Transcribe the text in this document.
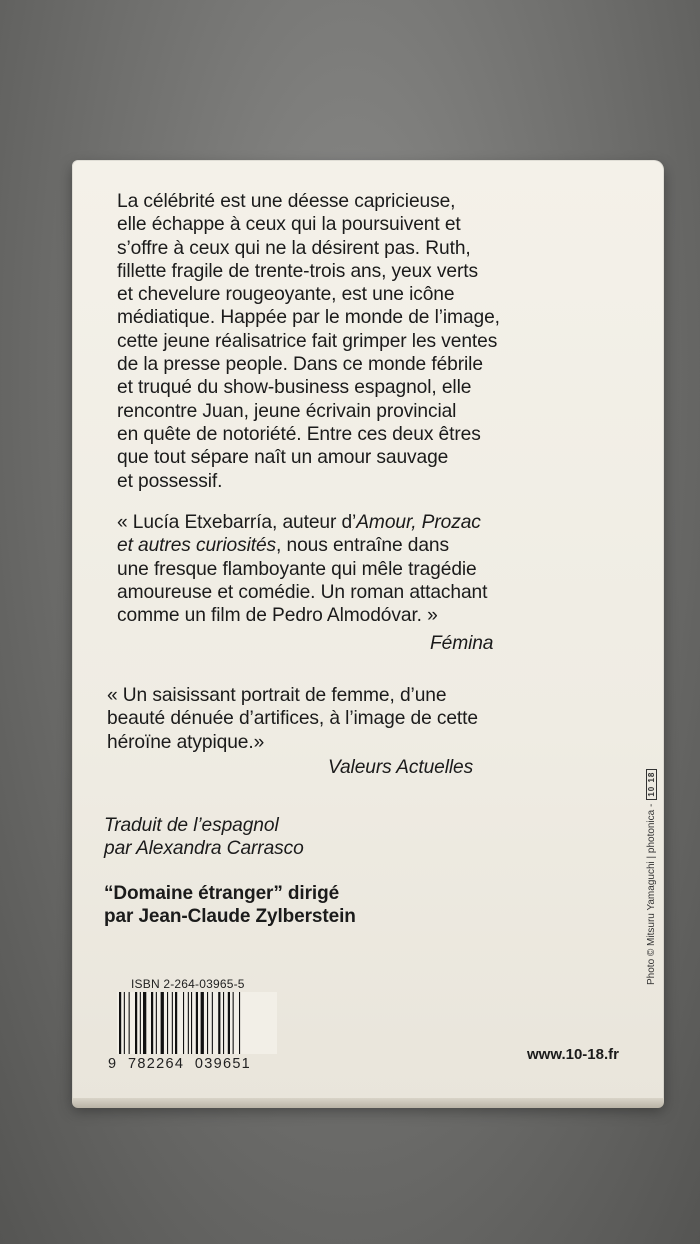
La célébrité est une déesse capricieuse,
elle échappe à ceux qui la poursuivent et
s’offre à ceux qui ne la désirent pas. Ruth,
fillette fragile de trente-trois ans, yeux verts
et chevelure rougeoyante, est une icône
médiatique. Happée par le monde de l’image,
cette jeune réalisatrice fait grimper les ventes
de la presse people. Dans ce monde fébrile
et truqué du show-business espagnol, elle
rencontre Juan, jeune écrivain provincial
en quête de notoriété. Entre ces deux êtres
que tout sépare naît un amour sauvage
et possessif.
« Lucía Etxebarría, auteur d’Amour, Prozac
et autres curiosités, nous entraîne dans
une fresque flamboyante qui mêle tragédie
amoureuse et comédie. Un roman attachant
comme un film de Pedro Almodóvar. »
Fémina
« Un saisissant portrait de femme, d’une
beauté dénuée d’artifices, à l’image de cette
héroïne atypique.»
Valeurs Actuelles
Traduit de l’espagnol
par Alexandra Carrasco
“Domaine étranger” dirigé
par Jean-Claude Zylberstein
ISBN 2-264-03965-5
9  782264  039651
www.10-18.fr
Photo © Mitsuru Yamaguchi | photonica -10 18
